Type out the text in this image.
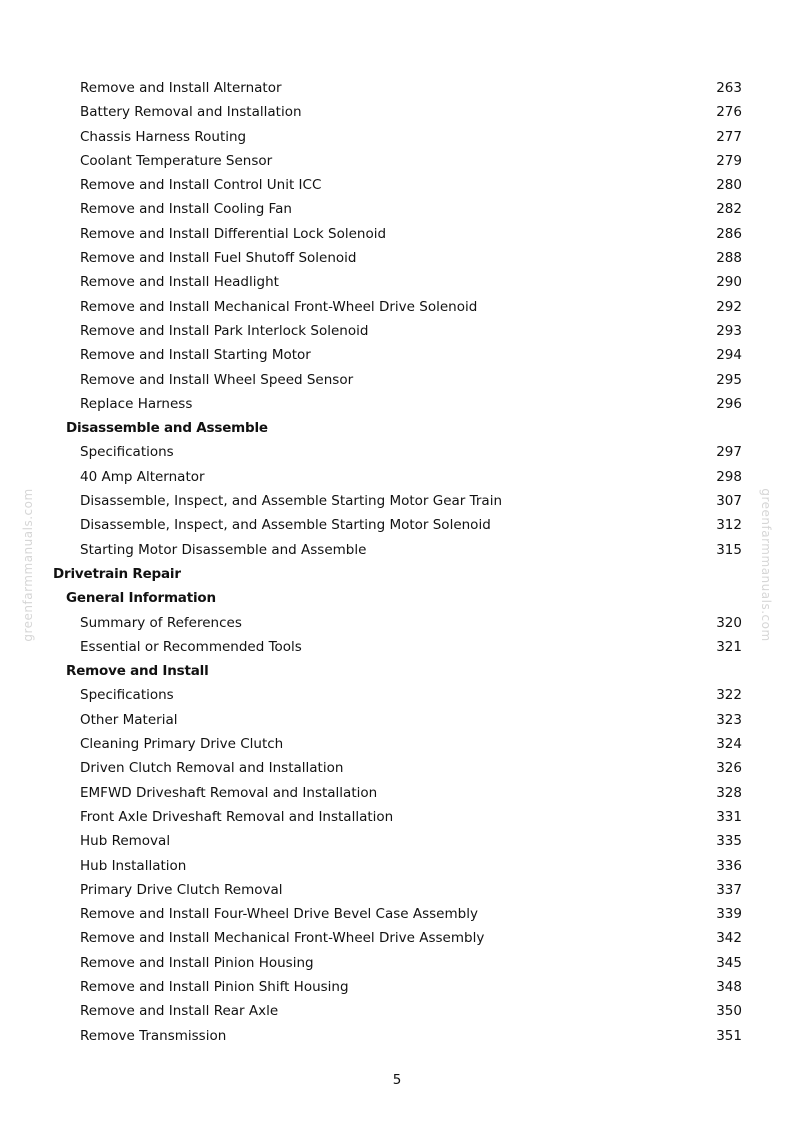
Remove and Install Alternator	263
Battery Removal and Installation	276
Chassis Harness Routing	277
Coolant Temperature Sensor	279
Remove and Install Control Unit ICC	280
Remove and Install Cooling Fan	282
Remove and Install Differential Lock Solenoid	286
Remove and Install Fuel Shutoff Solenoid	288
Remove and Install Headlight	290
Remove and Install Mechanical Front-Wheel Drive Solenoid	292
Remove and Install Park Interlock Solenoid	293
Remove and Install Starting Motor	294
Remove and Install Wheel Speed Sensor	295
Replace Harness	296
Disassemble and Assemble
Specifications	297
40 Amp Alternator	298
Disassemble, Inspect, and Assemble Starting Motor Gear Train	307
Disassemble, Inspect, and Assemble Starting Motor Solenoid	312
Starting Motor Disassemble and Assemble	315
Drivetrain Repair
General Information
Summary of References	320
Essential or Recommended Tools	321
Remove and Install
Specifications	322
Other Material	323
Cleaning Primary Drive Clutch	324
Driven Clutch Removal and Installation	326
EMFWD Driveshaft Removal and Installation	328
Front Axle Driveshaft Removal and Installation	331
Hub Removal	335
Hub Installation	336
Primary Drive Clutch Removal	337
Remove and Install Four-Wheel Drive Bevel Case Assembly	339
Remove and Install Mechanical Front-Wheel Drive Assembly	342
Remove and Install Pinion Housing	345
Remove and Install Pinion Shift Housing	348
Remove and Install Rear Axle	350
Remove Transmission	351
greenfarmmanuals.com	greenfarmmanuals.com
5
